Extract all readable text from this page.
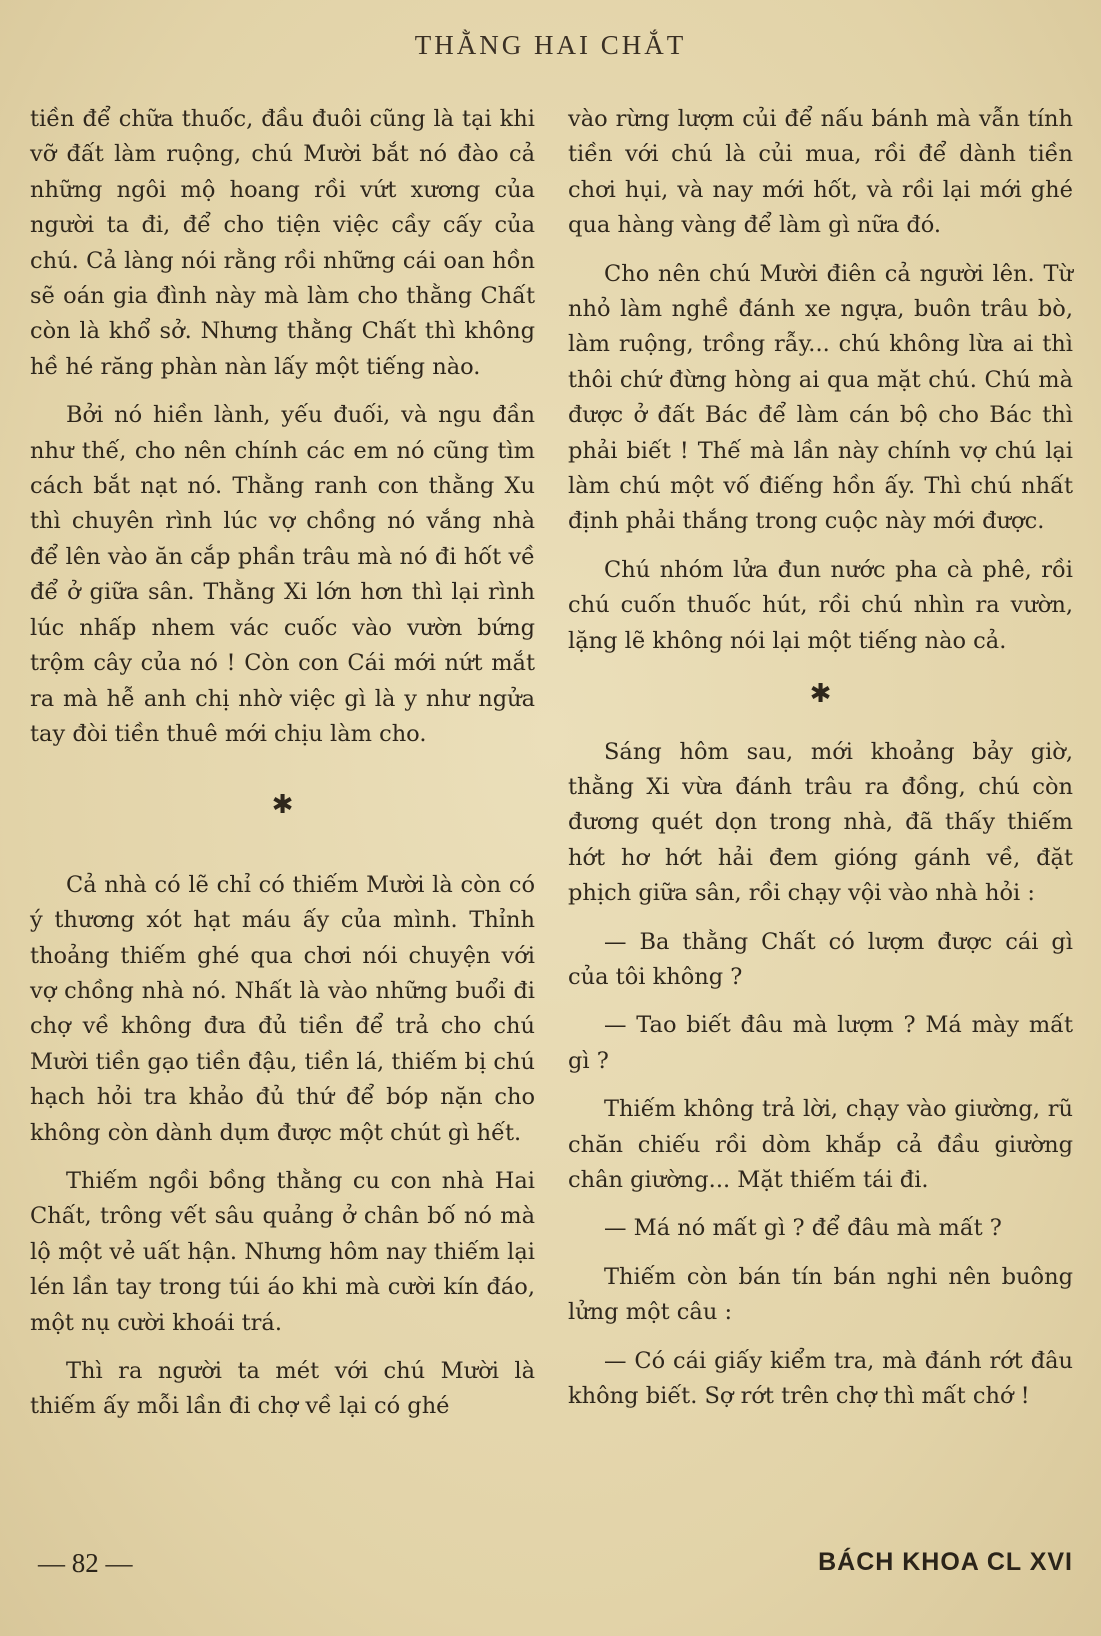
THẰNG HAI CHẮT

tiền để chữa thuốc, đầu đuôi cũng là tại khi vỡ đất làm ruộng, chú Mười bắt nó đào cả những ngôi mộ hoang rồi vứt xương của người ta đi, để cho tiện việc cầy cấy của chú. Cả làng nói rằng rồi những cái oan hồn sẽ oán gia đình này mà làm cho thằng Chất còn là khổ sở. Nhưng thằng Chất thì không hề hé răng phàn nàn lấy một tiếng nào.

Bởi nó hiền lành, yếu đuối, và ngu đần như thế, cho nên chính các em nó cũng tìm cách bắt nạt nó. Thằng ranh con thằng Xu thì chuyên rình lúc vợ chồng nó vắng nhà để lên vào ăn cắp phần trâu mà nó đi hốt về để ở giữa sân. Thằng Xi lớn hơn thì lại rình lúc nhấp nhem vác cuốc vào vườn bứng trộm cây của nó ! Còn con Cái mới nứt mắt ra mà hễ anh chị nhờ việc gì là y như ngửa tay đòi tiền thuê mới chịu làm cho.

✱

Cả nhà có lẽ chỉ có thiếm Mười là còn có ý thương xót hạt máu ấy của mình. Thỉnh thoảng thiếm ghé qua chơi nói chuyện với vợ chồng nhà nó. Nhất là vào những buổi đi chợ về không đưa đủ tiền để trả cho chú Mười tiền gạo tiền đậu, tiền lá, thiếm bị chú hạch hỏi tra khảo đủ thứ để bóp nặn cho không còn dành dụm được một chút gì hết.

Thiếm ngồi bồng thằng cu con nhà Hai Chất, trông vết sâu quảng ở chân bố nó mà lộ một vẻ uất hận. Nhưng hôm nay thiếm lại lén lần tay trong túi áo khi mà cười kín đáo, một nụ cười khoái trá.

Thì ra người ta mét với chú Mười là thiếm ấy mỗi lần đi chợ về lại có ghé

vào rừng lượm củi để nấu bánh mà vẫn tính tiền với chú là củi mua, rồi để dành tiền chơi hụi, và nay mới hốt, và rồi lại mới ghé qua hàng vàng để làm gì nữa đó.

Cho nên chú Mười điên cả người lên. Từ nhỏ làm nghề đánh xe ngựa, buôn trâu bò, làm ruộng, trồng rẫy... chú không lừa ai thì thôi chứ đừng hòng ai qua mặt chú. Chú mà được ở đất Bác để làm cán bộ cho Bác thì phải biết ! Thế mà lần này chính vợ chú lại làm chú một vố điếng hồn ấy. Thì chú nhất định phải thắng trong cuộc này mới được.

Chú nhóm lửa đun nước pha cà phê, rồi chú cuốn thuốc hút, rồi chú nhìn ra vườn, lặng lẽ không nói lại một tiếng nào cả.

✱

Sáng hôm sau, mới khoảng bảy giờ, thằng Xi vừa đánh trâu ra đồng, chú còn đương quét dọn trong nhà, đã thấy thiếm hớt hơ hớt hải đem gióng gánh về, đặt phịch giữa sân, rồi chạy vội vào nhà hỏi :

— Ba thằng Chất có lượm được cái gì của tôi không ?

— Tao biết đâu mà lượm ? Má mày mất gì ?

Thiếm không trả lời, chạy vào giường, rũ chăn chiếu rồi dòm khắp cả đầu giường chân giường... Mặt thiếm tái đi.

— Má nó mất gì ? để đâu mà mất ?

Thiếm còn bán tín bán nghi nên buông lửng một câu :

— Có cái giấy kiểm tra, mà đánh rớt đâu không biết. Sợ rớt trên chợ thì mất chớ !

— 82 —	BÁCH KHOA CL XVI
